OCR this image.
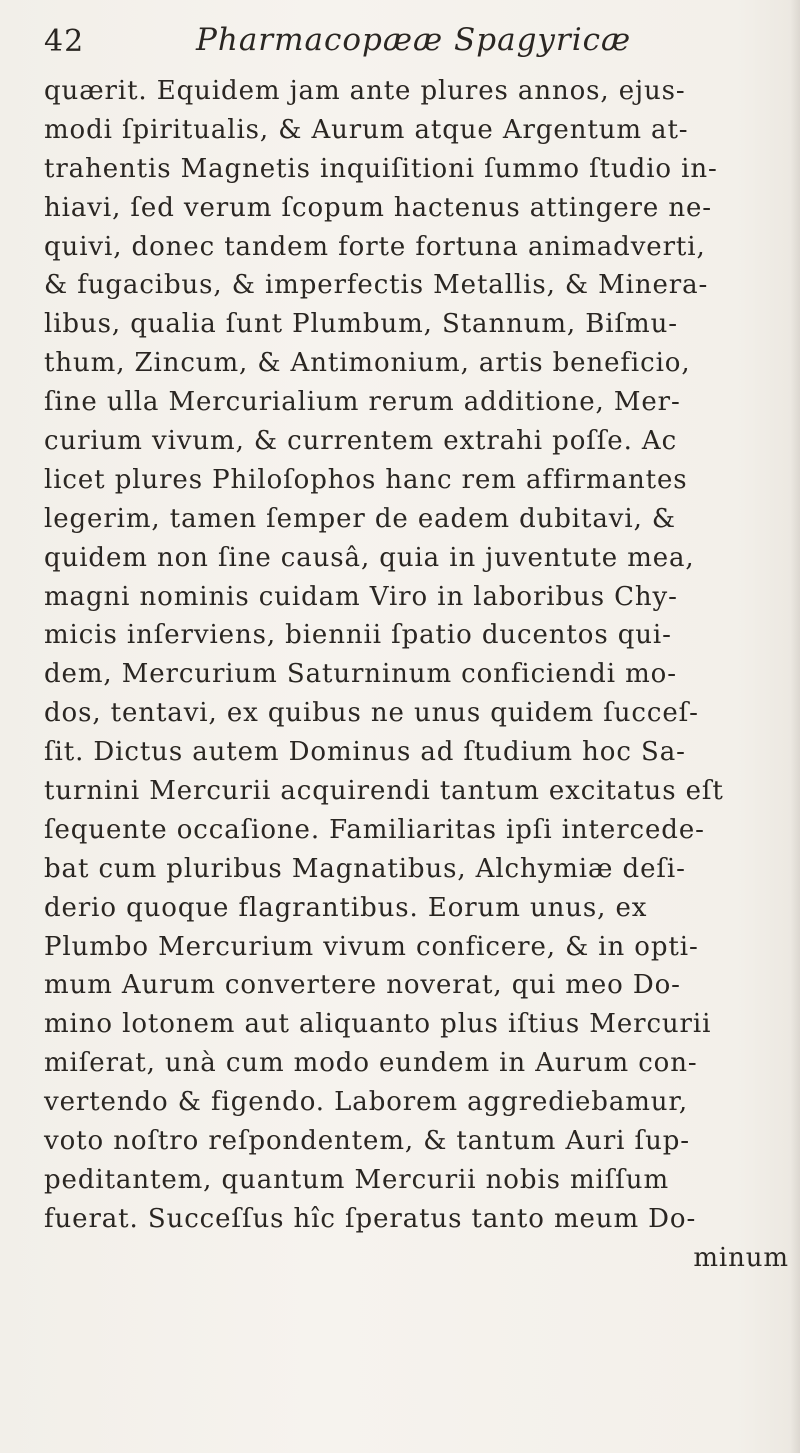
42	Pharmacopææ Spagyricæ
quærit. Equidem jam ante plures annos, ejus-
modi ſpiritualis, & Aurum atque Argentum at-
trahentis Magnetis inquiſitioni ſummo ſtudio in-
hiavi, ſed verum ſcopum hactenus attingere ne-
quivi, donec tandem forte fortuna animadverti,
& fugacibus, & imperfectis Metallis, & Minera-
libus, qualia ſunt Plumbum, Stannum, Biſmu-
thum, Zincum, & Antimonium, artis beneficio,
ſine ulla Mercurialium rerum additione, Mer-
curium vivum, & currentem extrahi poſſe. Ac
licet plures Philoſophos hanc rem affirmantes
legerim, tamen ſemper de eadem dubitavi, &
quidem non ſine causâ, quia in juventute mea,
magni nominis cuidam Viro in laboribus Chy-
micis inſerviens, biennii ſpatio ducentos qui-
dem, Mercurium Saturninum conficiendi mo-
dos, tentavi, ex quibus ne unus quidem ſucceſ-
ſit. Dictus autem Dominus ad ſtudium hoc Sa-
turnini Mercurii acquirendi tantum excitatus eſt
ſequente occaſione. Familiaritas ipſi intercede-
bat cum pluribus Magnatibus, Alchymiæ deſi-
derio quoque flagrantibus. Eorum unus, ex
Plumbo Mercurium vivum conficere, & in opti-
mum Aurum convertere noverat, qui meo Do-
mino lotonem aut aliquanto plus iſtius Mercurii
miſerat, unà cum modo eundem in Aurum con-
vertendo & figendo. Laborem aggrediebamur,
voto noſtro reſpondentem, & tantum Auri ſup-
peditantem, quantum Mercurii nobis miſſum
fuerat. Succeſſus hîc ſperatus tanto meum Do-
minum
